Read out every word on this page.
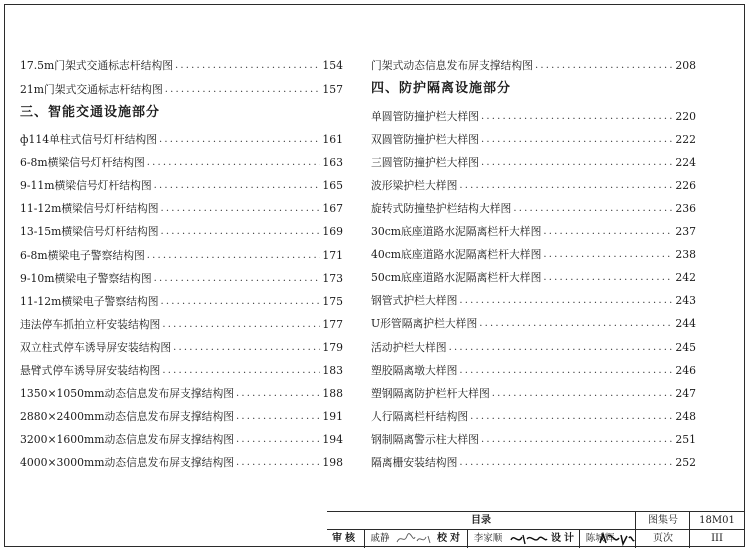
17.5m门架式交通标志杆结构图 .....	154
21m门架式交通标志杆结构图 .....	157
三、智能交通设施部分
ф114单柱式信号灯杆结构图 .....	161
6-8m横梁信号灯杆结构图 .....	163
9-11m横梁信号灯杆结构图 .....	165
11-12m横梁信号灯杆结构图 .....	167
13-15m横梁信号灯杆结构图 .....	169
6-8m横梁电子警察结构图 .....	171
9-10m横梁电子警察结构图 .....	173
11-12m横梁电子警察结构图 .....	175
违法停车抓拍立杆安装结构图 .....	177
双立柱式停车诱导屏安装结构图 .....	179
悬臂式停车诱导屏安装结构图 .....	183
1350×1050mm动态信息发布屏支撑结构图 .....	188
2880×2400mm动态信息发布屏支撑结构图 .....	191
3200×1600mm动态信息发布屏支撑结构图 .....	194
4000×3000mm动态信息发布屏支撑结构图 .....	198
门架式动态信息发布屏支撑结构图 .....	208
四、防护隔离设施部分
单圆管防撞护栏大样图 .....	220
双圆管防撞护栏大样图 .....	222
三圆管防撞护栏大样图 .....	224
波形梁护栏大样图 .....	226
旋转式防撞垫护栏结构大样图 .....	236
30cm底座道路水泥隔离栏杆大样图 .....	237
40cm底座道路水泥隔离栏杆大样图 .....	238
50cm底座道路水泥隔离栏杆大样图 .....	242
钢管式护栏大样图 .....	243
U形管隔离护栏大样图 .....	244
活动护栏大样图 .....	245
塑胶隔离墩大样图 .....	246
塑钢隔离防护栏杆大样图 .....	247
人行隔离栏杆结构图 .....	248
钢制隔离警示柱大样图 .....	251
隔离栅安装结构图 .....	252
目录	图集号	18M01
审核	戚静	校对	李家顺	设计 陈城辉	页次	III
